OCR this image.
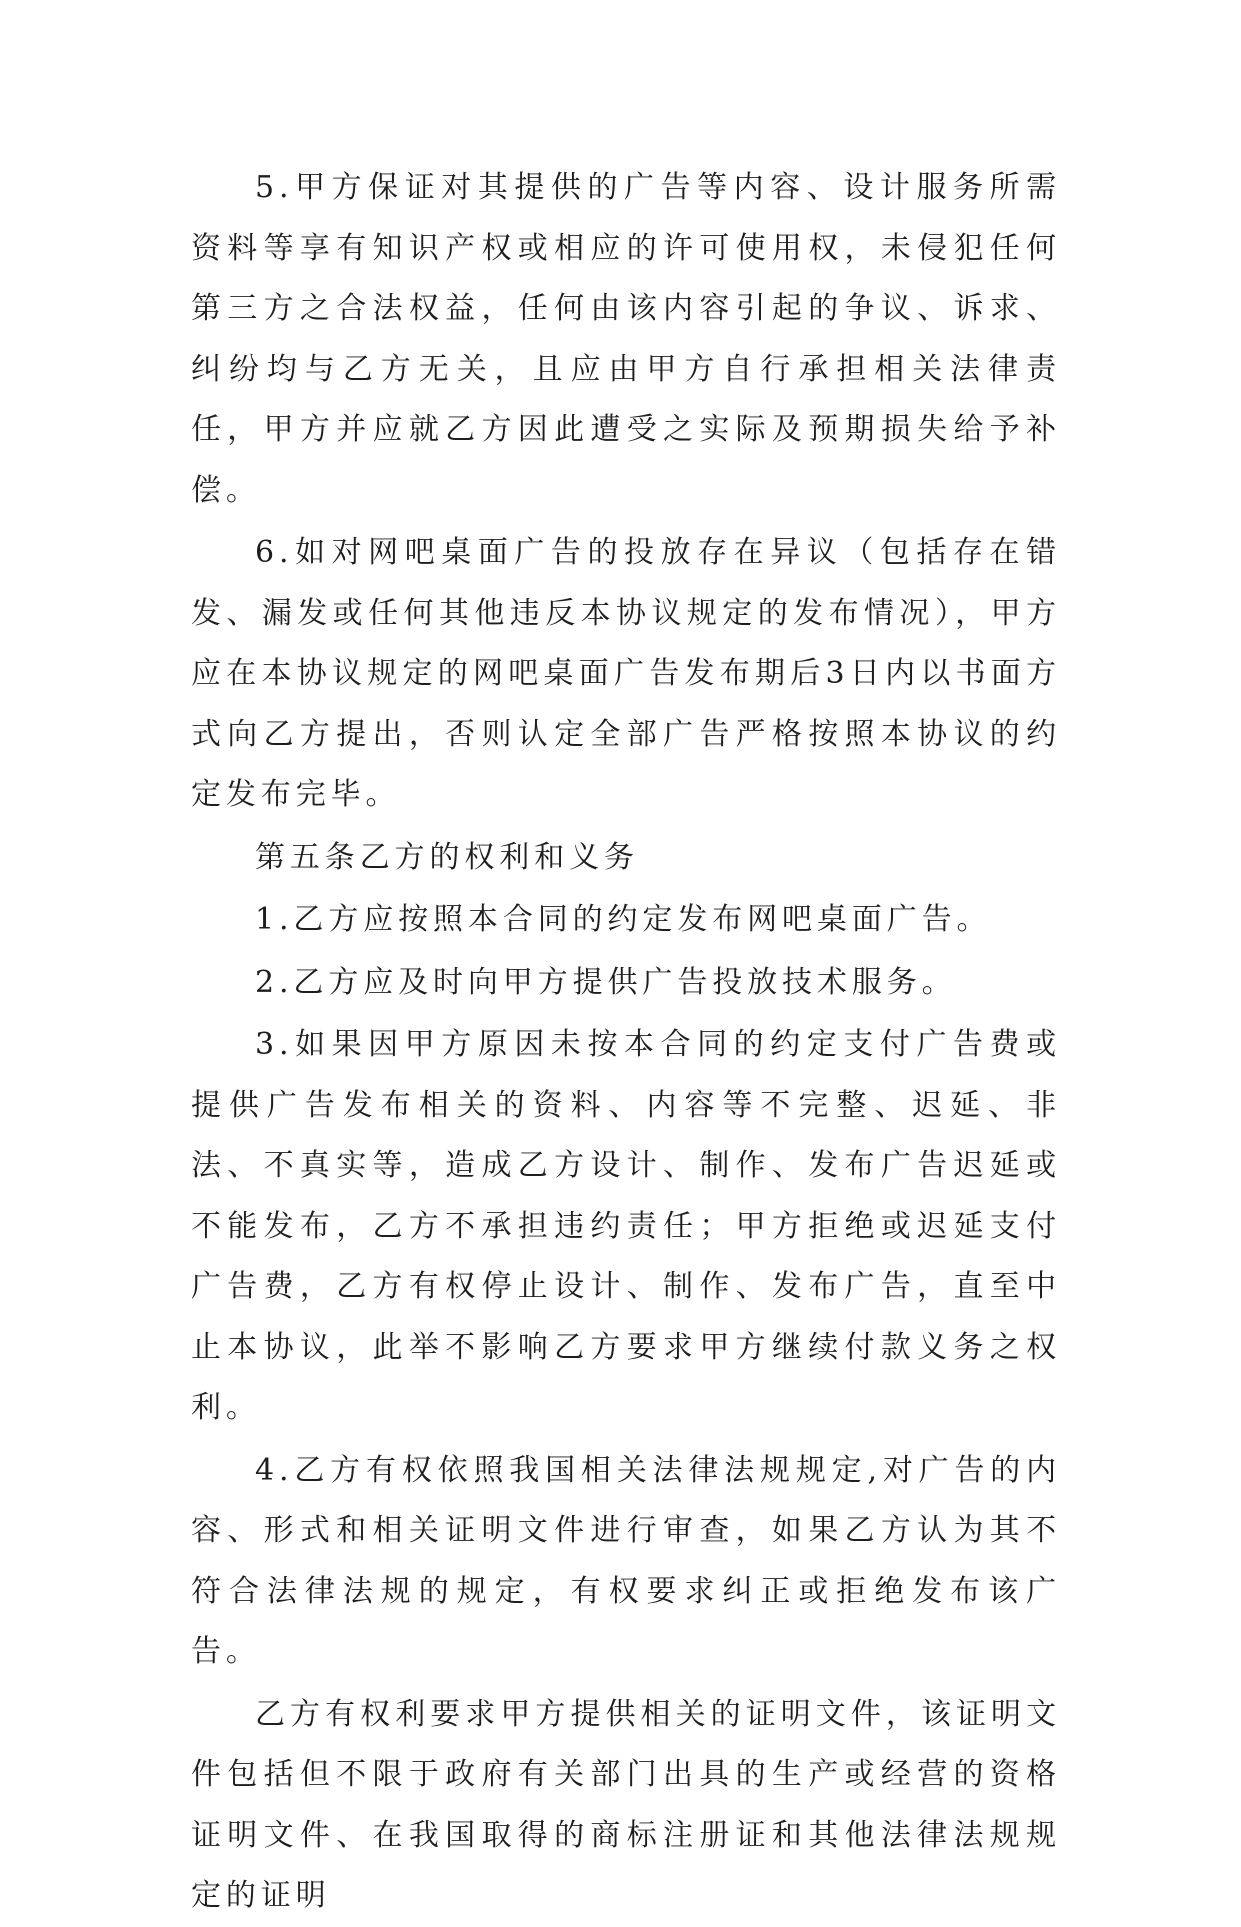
5.甲方保证对其提供的广告等内容、设计服务所需资料等享有知识产权或相应的许可使用权，未侵犯任何第三方之合法权益，任何由该内容引起的争议、诉求、纠纷均与乙方无关，且应由甲方自行承担相关法律责任，甲方并应就乙方因此遭受之实际及预期损失给予补偿。

6.如对网吧桌面广告的投放存在异议（包括存在错发、漏发或任何其他违反本协议规定的发布情况），甲方应在本协议规定的网吧桌面广告发布期后3日内以书面方式向乙方提出，否则认定全部广告严格按照本协议的约定发布完毕。

第五条乙方的权利和义务

1.乙方应按照本合同的约定发布网吧桌面广告。

2.乙方应及时向甲方提供广告投放技术服务。

3.如果因甲方原因未按本合同的约定支付广告费或提供广告发布相关的资料、内容等不完整、迟延、非法、不真实等，造成乙方设计、制作、发布广告迟延或不能发布，乙方不承担违约责任；甲方拒绝或迟延支付广告费，乙方有权停止设计、制作、发布广告，直至中止本协议，此举不影响乙方要求甲方继续付款义务之权利。

4.乙方有权依照我国相关法律法规规定,对广告的内容、形式和相关证明文件进行审查，如果乙方认为其不符合法律法规的规定，有权要求纠正或拒绝发布该广告。

乙方有权利要求甲方提供相关的证明文件，该证明文件包括但不限于政府有关部门出具的生产或经营的资格证明文件、在我国取得的商标注册证和其他法律法规规定的证明
